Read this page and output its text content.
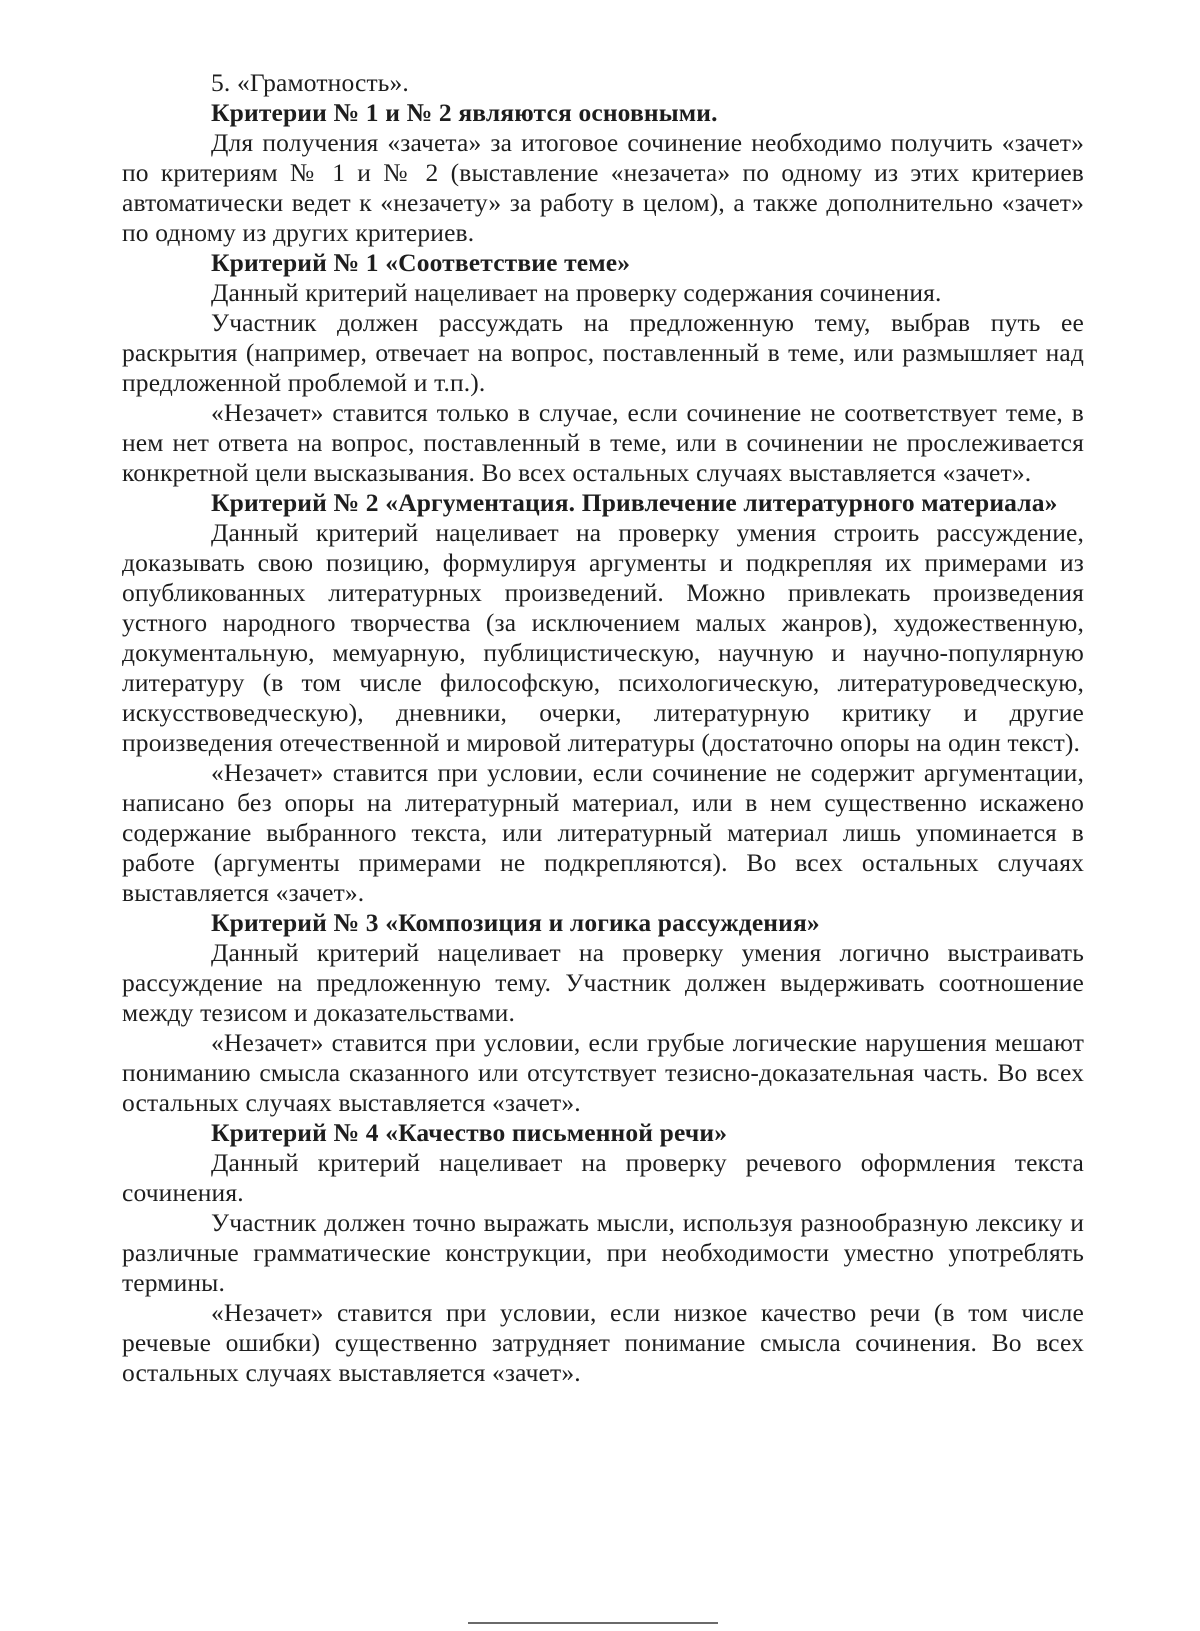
5. «Грамотность».

Критерии № 1 и № 2 являются основными.

Для получения «зачета» за итоговое сочинение необходимо получить «зачет» по критериям № 1 и № 2 (выставление «незачета» по одному из этих критериев автоматически ведет к «незачету» за работу в целом), а также дополнительно «зачет» по одному из других критериев.

Критерий № 1 «Соответствие теме»

Данный критерий нацеливает на проверку содержания сочинения.

Участник должен рассуждать на предложенную тему, выбрав путь ее раскрытия (например, отвечает на вопрос, поставленный в теме, или размышляет над предложенной проблемой и т.п.).

«Незачет» ставится только в случае, если сочинение не соответствует теме, в нем нет ответа на вопрос, поставленный в теме, или в сочинении не прослеживается конкретной цели высказывания. Во всех остальных случаях выставляется «зачет».

Критерий № 2 «Аргументация. Привлечение литературного материала»

Данный критерий нацеливает на проверку умения строить рассуждение, доказывать свою позицию, формулируя аргументы и подкрепляя их примерами из опубликованных литературных произведений. Можно привлекать произведения устного народного творчества (за исключением малых жанров), художественную, документальную, мемуарную, публицистическую, научную и научно-популярную литературу (в том числе философскую, психологическую, литературоведческую, искусствоведческую), дневники, очерки, литературную критику и другие произведения отечественной и мировой литературы (достаточно опоры на один текст).

«Незачет» ставится при условии, если сочинение не содержит аргументации, написано без опоры на литературный материал, или в нем существенно искажено содержание выбранного текста, или литературный материал лишь упоминается в работе (аргументы примерами не подкрепляются). Во всех остальных случаях выставляется «зачет».

Критерий № 3 «Композиция и логика рассуждения»

Данный критерий нацеливает на проверку умения логично выстраивать рассуждение на предложенную тему. Участник должен выдерживать соотношение между тезисом и доказательствами.

«Незачет» ставится при условии, если грубые логические нарушения мешают пониманию смысла сказанного или отсутствует тезисно-доказательная часть. Во всех остальных случаях выставляется «зачет».

Критерий № 4 «Качество письменной речи»

Данный критерий нацеливает на проверку речевого оформления текста сочинения.

Участник должен точно выражать мысли, используя разнообразную лексику и различные грамматические конструкции, при необходимости уместно употреблять термины.

«Незачет» ставится при условии, если низкое качество речи (в том числе речевые ошибки) существенно затрудняет понимание смысла сочинения. Во всех остальных случаях выставляется «зачет».
